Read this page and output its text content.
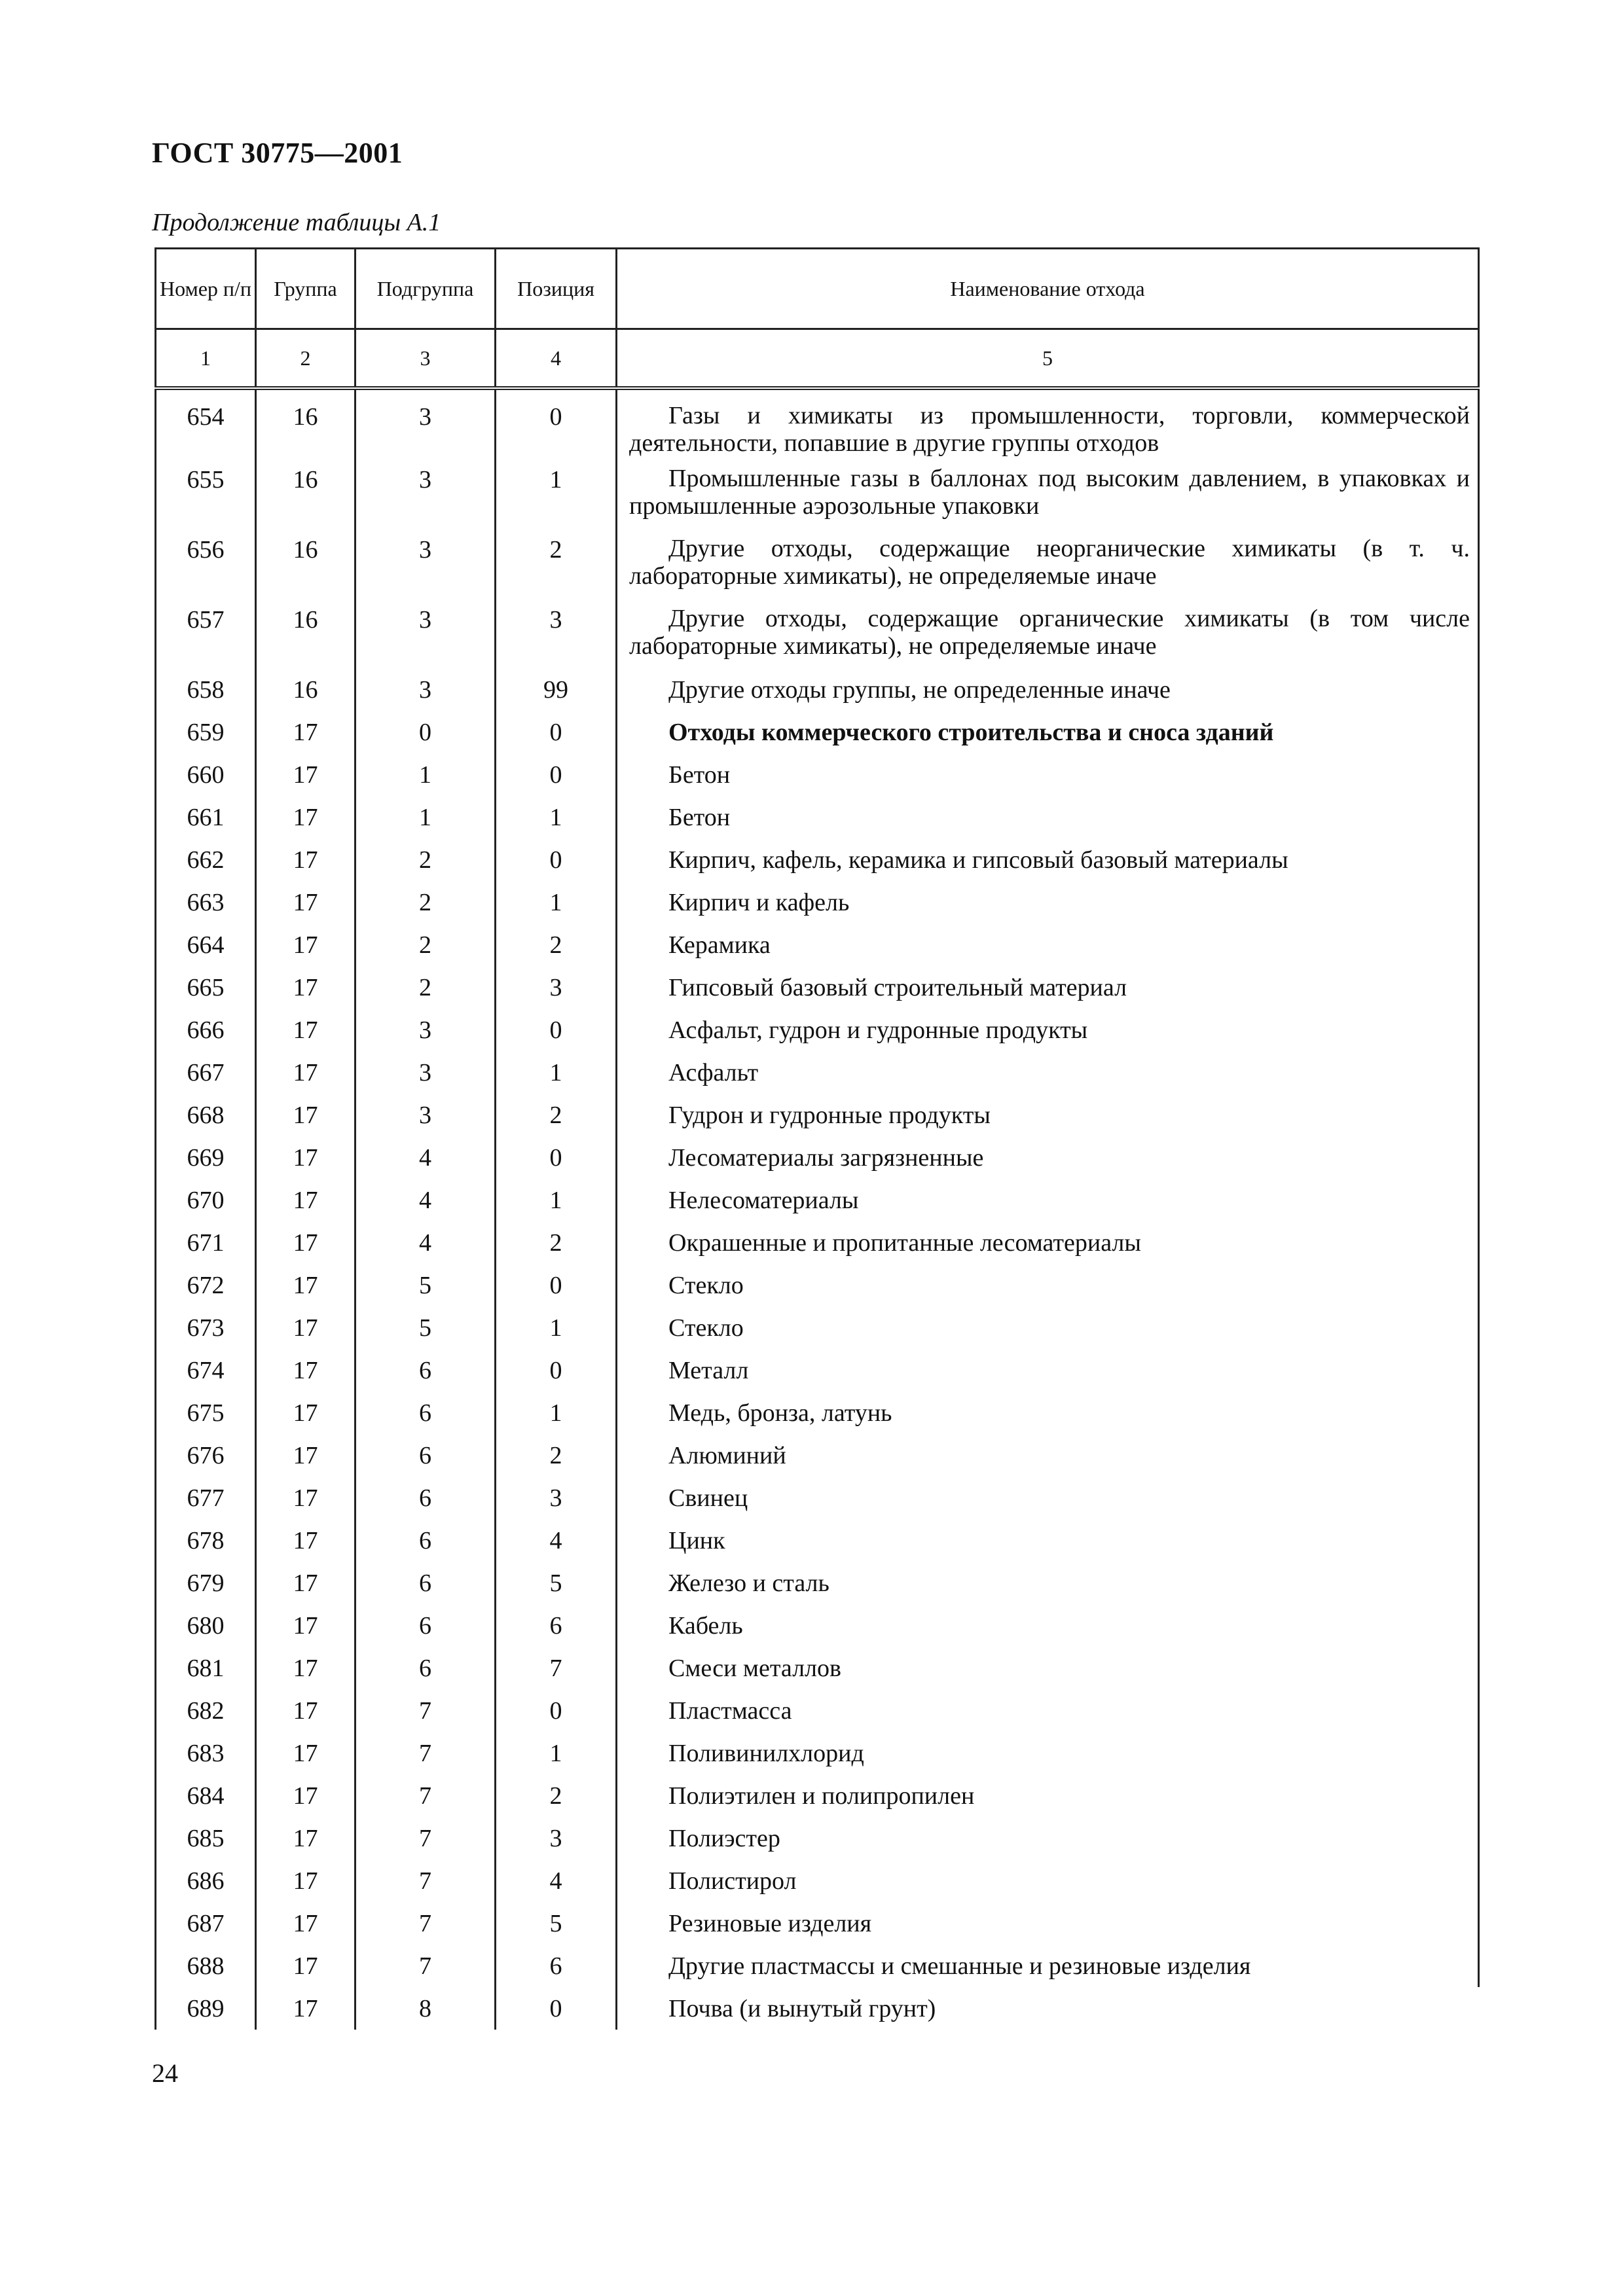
ГОСТ 30775—2001
Продолжение таблицы А.1
Номер п/п	Группа	Подгруппа	Позиция	Наименование отхода
1	2	3	4	5
654	16	3	0	Газы и химикаты из промышленности, торговли, коммерческой деятельности, попавшие в другие группы отходов

655	16	3	1	Промышленные газы в баллонах под высоким давлением, в упаковках и промышленные аэрозольные упаковки

656	16	3	2	Другие отходы, содержащие неорганические химикаты (в т. ч. лабораторные химикаты), не определяемые иначе

657	16	3	3	Другие отходы, содержащие органические химикаты (в том числе лабораторные химикаты), не определяемые иначе

658	16	3	99	Другие отходы группы, не определенные иначе

659	17	0	0	Отходы коммерческого строительства и сноса зданий

660	17	1	0	Бетон

661	17	1	1	Бетон

662	17	2	0	Кирпич, кафель, керамика и гипсовый базовый материалы

663	17	2	1	Кирпич и кафель

664	17	2	2	Керамика

665	17	2	3	Гипсовый базовый строительный материал

666	17	3	0	Асфальт, гудрон и гудронные продукты

667	17	3	1	Асфальт

668	17	3	2	Гудрон и гудронные продукты

669	17	4	0	Лесоматериалы загрязненные

670	17	4	1	Нелесоматериалы

671	17	4	2	Окрашенные и пропитанные лесоматериалы

672	17	5	0	Стекло

673	17	5	1	Стекло

674	17	6	0	Металл

675	17	6	1	Медь, бронза, латунь

676	17	6	2	Алюминий

677	17	6	3	Свинец

678	17	6	4	Цинк

679	17	6	5	Железо и сталь

680	17	6	6	Кабель

681	17	6	7	Смеси металлов

682	17	7	0	Пластмасса

683	17	7	1	Поливинилхлорид

684	17	7	2	Полиэтилен и полипропилен

685	17	7	3	Полиэстер

686	17	7	4	Полистирол

687	17	7	5	Резиновые изделия

688	17	7	6	Другие пластмассы и смешанные и резиновые изделия

689	17	8	0	Почва (и вынутый грунт)
24
